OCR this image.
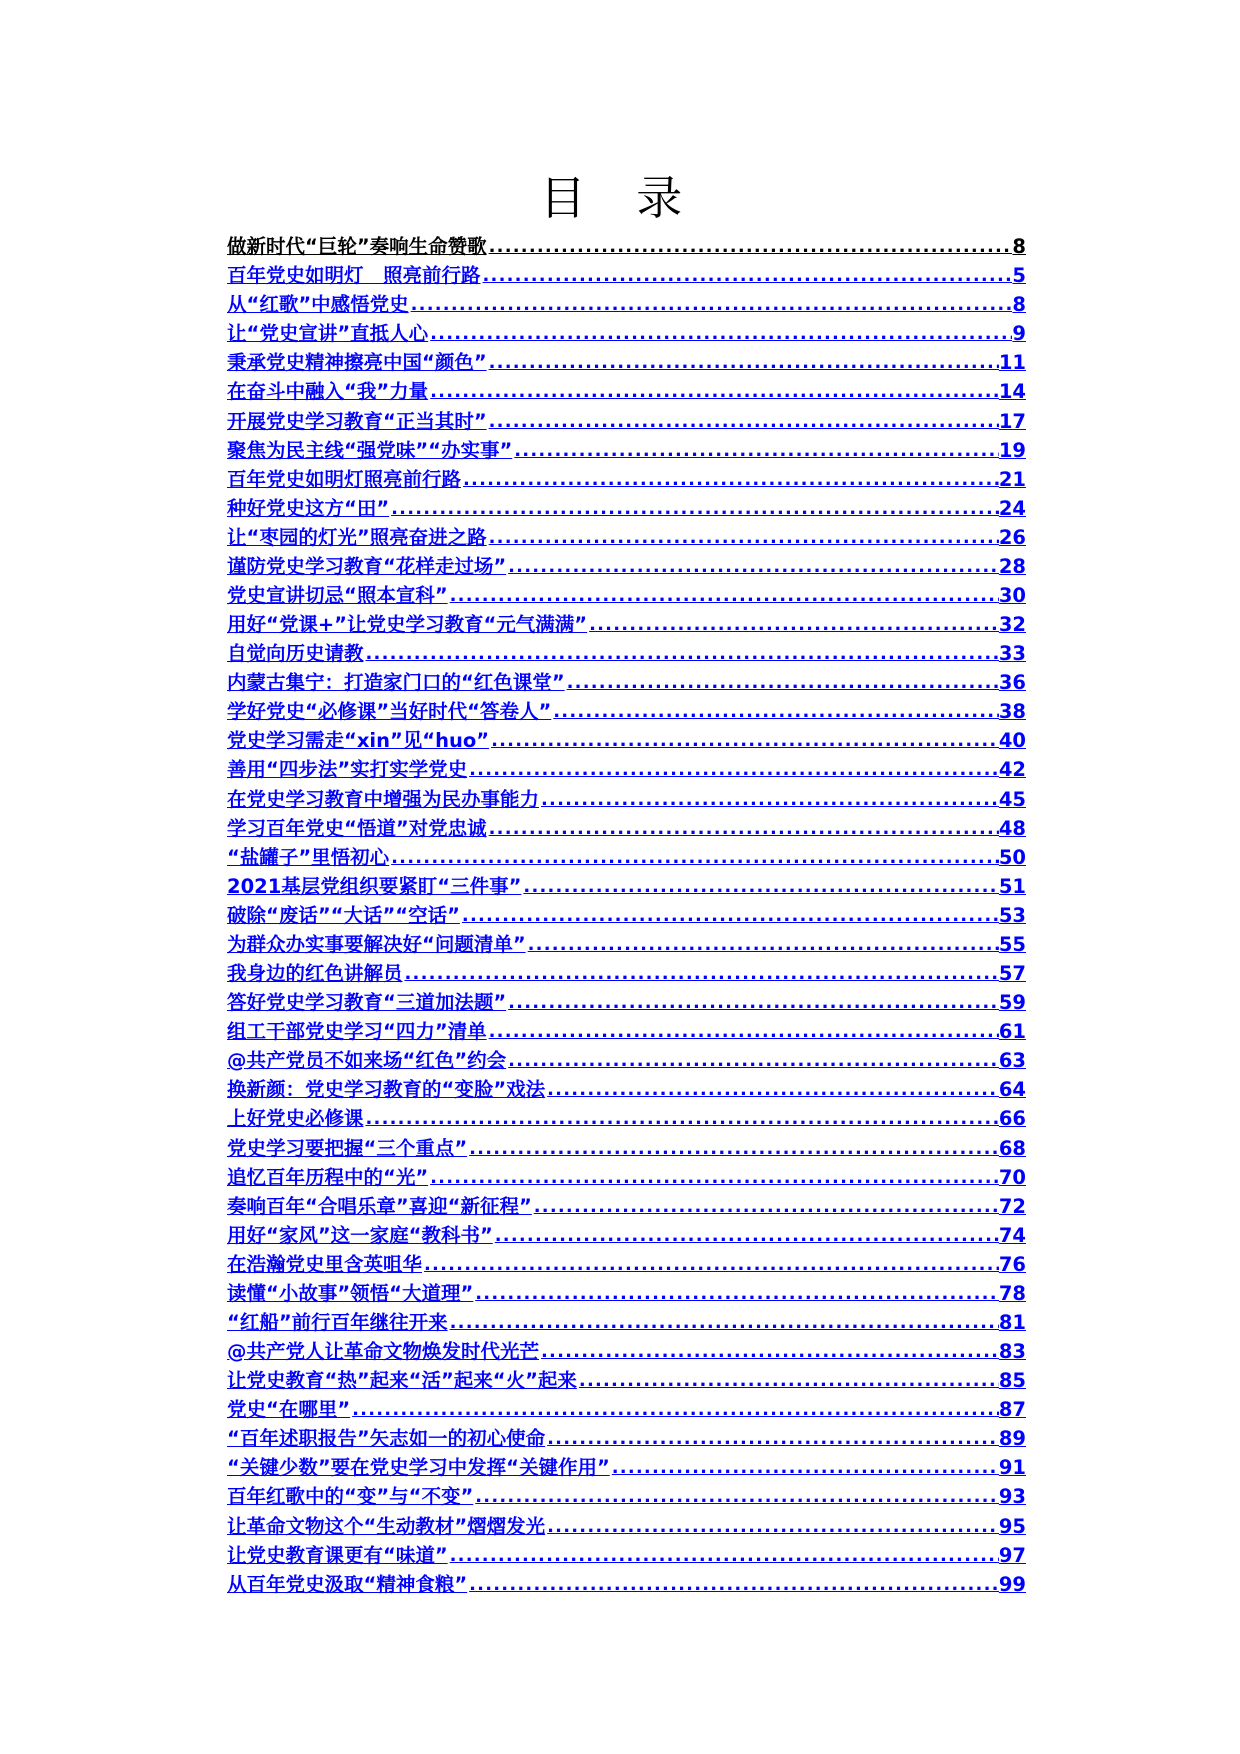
目 录
做新时代“巨轮”奏响生命赞歌 .....	8
百年党史如明灯　照亮前行路 .....	5
从“红歌”中感悟党史 .....	8
让“党史宣讲”直抵人心 .....	9
秉承党史精神擦亮中国“颜色” .....	11
在奋斗中融入“我”力量 .....	14
开展党史学习教育“正当其时” .....	17
聚焦为民主线“强党味”“办实事” .....	19
百年党史如明灯照亮前行路 .....	21
种好党史这方“田” .....	24
让“枣园的灯光”照亮奋进之路 .....	26
谨防党史学习教育“花样走过场” .....	28
党史宣讲切忌“照本宣科” .....	30
用好“党课+”让党史学习教育“元气满满” .....	32
自觉向历史请教 .....	33
内蒙古集宁：打造家门口的“红色课堂” .....	36
学好党史“必修课”当好时代“答卷人” .....	38
党史学习需走“xin”见“huo” .....	40
善用“四步法”实打实学党史 .....	42
在党史学习教育中增强为民办事能力 .....	45
学习百年党史“悟道”对党忠诚 .....	48
“盐罐子”里悟初心 .....	50
2021基层党组织要紧盯“三件事” .....	51
破除“废话”“大话”“空话” .....	53
为群众办实事要解决好“问题清单” .....	55
我身边的红色讲解员 .....	57
答好党史学习教育“三道加法题” .....	59
组工干部党史学习“四力”清单 .....	61
@共产党员不如来场“红色”约会 .....	63
换新颜：党史学习教育的“变脸”戏法 .....	64
上好党史必修课 .....	66
党史学习要把握“三个重点” .....	68
追忆百年历程中的“光” .....	70
奏响百年“合唱乐章”喜迎“新征程” .....	72
用好“家风”这一家庭“教科书” .....	74
在浩瀚党史里含英咀华 .....	76
读懂“小故事”领悟“大道理” .....	78
“红船”前行百年继往开来 .....	81
@共产党人让革命文物焕发时代光芒 .....	83
让党史教育“热”起来“活”起来“火”起来 .....	85
党史“在哪里” .....	87
“百年述职报告”矢志如一的初心使命 .....	89
“关键少数”要在党史学习中发挥“关键作用” .....	91
百年红歌中的“变”与“不变” .....	93
让革命文物这个“生动教材”熠熠发光 .....	95
让党史教育课更有“味道” .....	97
从百年党史汲取“精神食粮” .....	99
